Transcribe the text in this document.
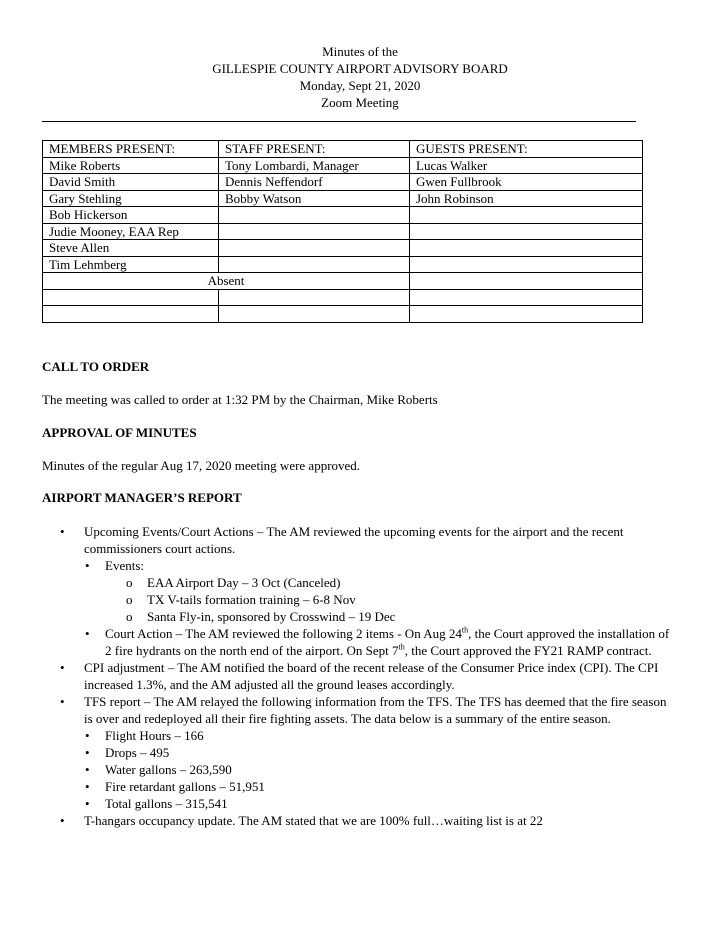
Minutes of the
GILLESPIE COUNTY AIRPORT ADVISORY BOARD
Monday, Sept 21, 2020
Zoom Meeting
MEMBERS PRESENT:	STAFF PRESENT:	GUESTS PRESENT:
Mike Roberts	Tony Lombardi, Manager	Lucas Walker
David Smith	Dennis Neffendorf	Gwen Fullbrook
Gary Stehling	Bobby Watson	John Robinson
Bob Hickerson		
Judie Mooney, EAA Rep		
Steve Allen		
Tim Lehmberg		
Absent		

CALL TO ORDER
The meeting was called to order at 1:32 PM by the Chairman, Mike Roberts
APPROVAL OF MINUTES
Minutes of the regular Aug 17, 2020 meeting were approved.
AIRPORT MANAGER’S REPORT
• Upcoming Events/Court Actions – The AM reviewed the upcoming events for the airport and the recent commissioners court actions.
• Events:
o EAA Airport Day – 3 Oct (Canceled)
o TX V-tails formation training – 6-8 Nov
o Santa Fly-in, sponsored by Crosswind – 19 Dec
• Court Action – The AM reviewed the following 2 items - On Aug 24th, the Court approved the installation of 2 fire hydrants on the north end of the airport. On Sept 7th, the Court approved the FY21 RAMP contract.
• CPI adjustment – The AM notified the board of the recent release of the Consumer Price index (CPI). The CPI increased 1.3%, and the AM adjusted all the ground leases accordingly.
• TFS report – The AM relayed the following information from the TFS. The TFS has deemed that the fire season is over and redeployed all their fire fighting assets. The data below is a summary of the entire season.
• Flight Hours – 166
• Drops – 495
• Water gallons – 263,590
• Fire retardant gallons – 51,951
• Total gallons – 315,541
• T-hangars occupancy update. The AM stated that we are 100% full…waiting list is at 22
